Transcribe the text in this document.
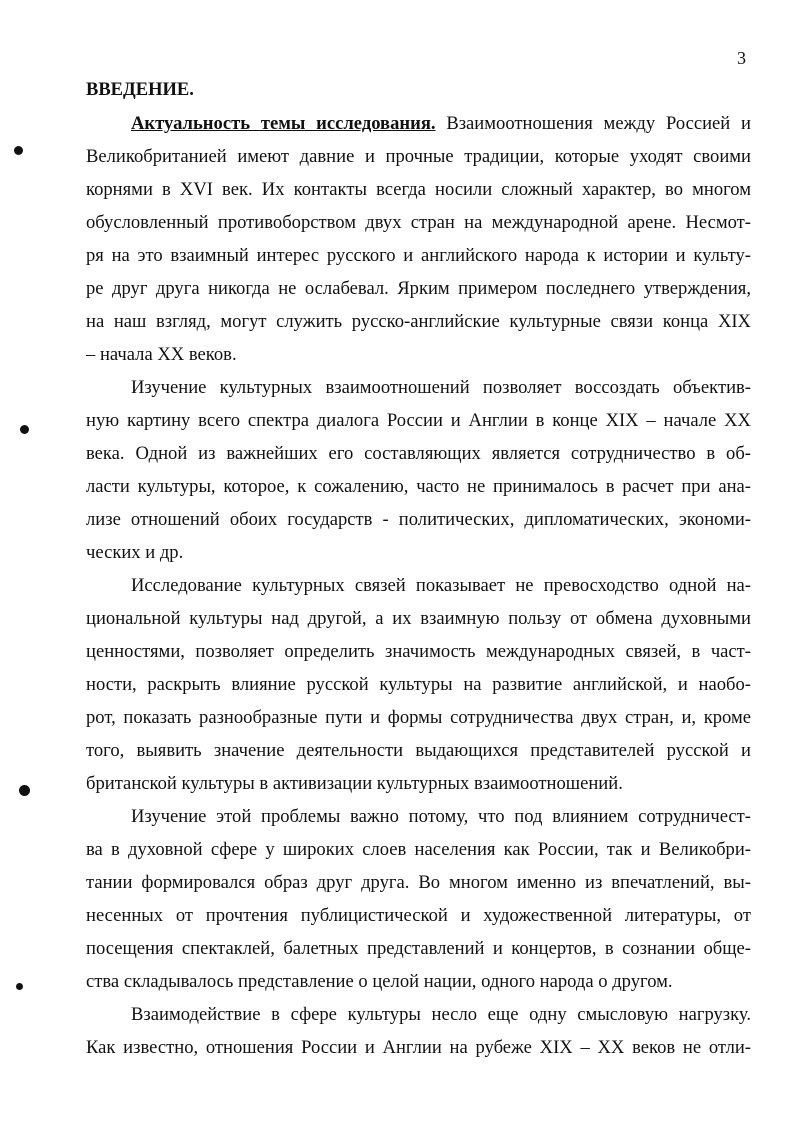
3
ВВЕДЕНИЕ.
Актуальность темы исследования. Взаимоотношения между Россией и
Великобританией имеют давние и прочные традиции, которые уходят своими
корнями в XVI век. Их контакты всегда носили сложный характер, во многом
обусловленный противоборством двух стран на международной арене. Несмот-
ря на это взаимный интерес русского и английского народа к истории и культу-
ре друг друга никогда не ослабевал. Ярким примером последнего утверждения,
на наш взгляд, могут служить русско-английские культурные связи конца XIX
– начала XX веков.
Изучение культурных взаимоотношений позволяет воссоздать объектив-
ную картину всего спектра диалога России и Англии в конце XIX – начале XX
века. Одной из важнейших его составляющих является сотрудничество в об-
ласти культуры, которое, к сожалению, часто не принималось в расчет при ана-
лизе отношений обоих государств - политических, дипломатических, экономи-
ческих и др.
Исследование культурных связей показывает не превосходство одной на-
циональной культуры над другой, а их взаимную пользу от обмена духовными
ценностями, позволяет определить значимость международных связей, в част-
ности, раскрыть влияние русской культуры на развитие английской, и наобо-
рот, показать разнообразные пути и формы сотрудничества двух стран, и, кроме
того, выявить значение деятельности выдающихся представителей русской и
британской культуры в активизации культурных взаимоотношений.
Изучение этой проблемы важно потому, что под влиянием сотрудничест-
ва в духовной сфере у широких слоев населения как России, так и Великобри-
тании формировался образ друг друга. Во многом именно из впечатлений, вы-
несенных от прочтения публицистической и художественной литературы, от
посещения спектаклей, балетных представлений и концертов, в сознании обще-
ства складывалось представление о целой нации, одного народа о другом.
Взаимодействие в сфере культуры несло еще одну смысловую нагрузку.
Как известно, отношения России и Англии на рубеже XIX – XX веков не отли-
